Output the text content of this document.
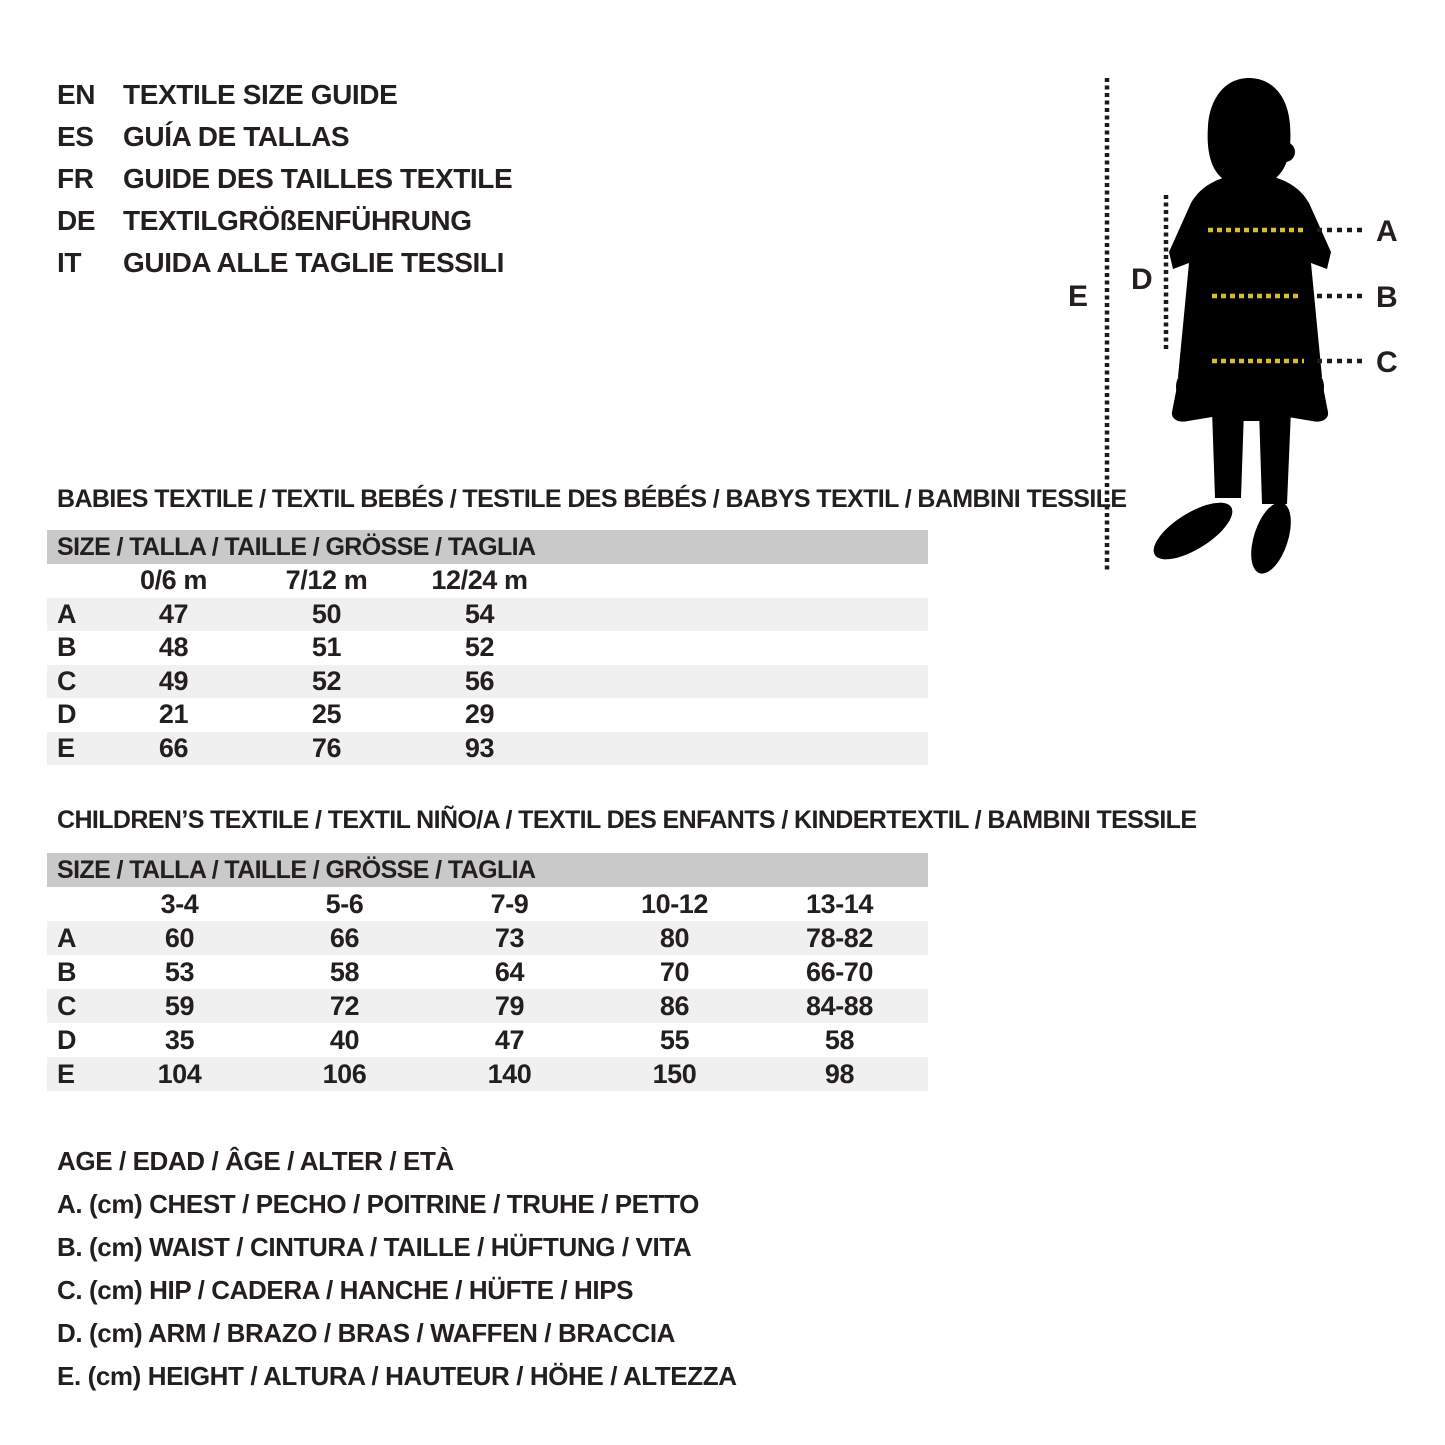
EN TEXTILE SIZE GUIDE
ES	GUÍA DE TALLAS
FR	GUIDE DES TAILLES TEXTILE
DE TEXTILGRÖßENFÜHRUNG
IT	GUIDA ALLE TAGLIE TESSILI
A
B
C
D
E
BABIES TEXTILE / TEXTIL BEBÉS / TESTILE DES BÉBÉS / BABYS TEXTIL / BAMBINI TESSILE
SIZE / TALLA / TAILLE / GRÖSSE / TAGLIA
	0/6 m	7/12 m	12/24 m	
A	47	50	54	
B	48	51	52	
C	49	52	56	
D	21	25	29	
E	66	76	93	
CHILDREN’S TEXTILE / TEXTIL NIÑO/A / TEXTIL DES ENFANTS / KINDERTEXTIL / BAMBINI TESSILE
SIZE / TALLA / TAILLE / GRÖSSE / TAGLIA
	3-4	5-6	7-9	10-12	13-14	
A	60	66	73	80	78-82	
B	53	58	64	70	66-70	
C	59	72	79	86	84-88	
D	35	40	47	55	58	
E	104	106	140	150	98	
AGE / EDAD / ÂGE / ALTER / ETÀ
A. (cm) CHEST / PECHO / POITRINE / TRUHE / PETTO
B. (cm) WAIST / CINTURA / TAILLE / HÜFTUNG / VITA
C. (cm) HIP / CADERA / HANCHE / HÜFTE / HIPS
D. (cm) ARM / BRAZO / BRAS / WAFFEN / BRACCIA
E. (cm) HEIGHT / ALTURA / HAUTEUR / HÖHE / ALTEZZA
